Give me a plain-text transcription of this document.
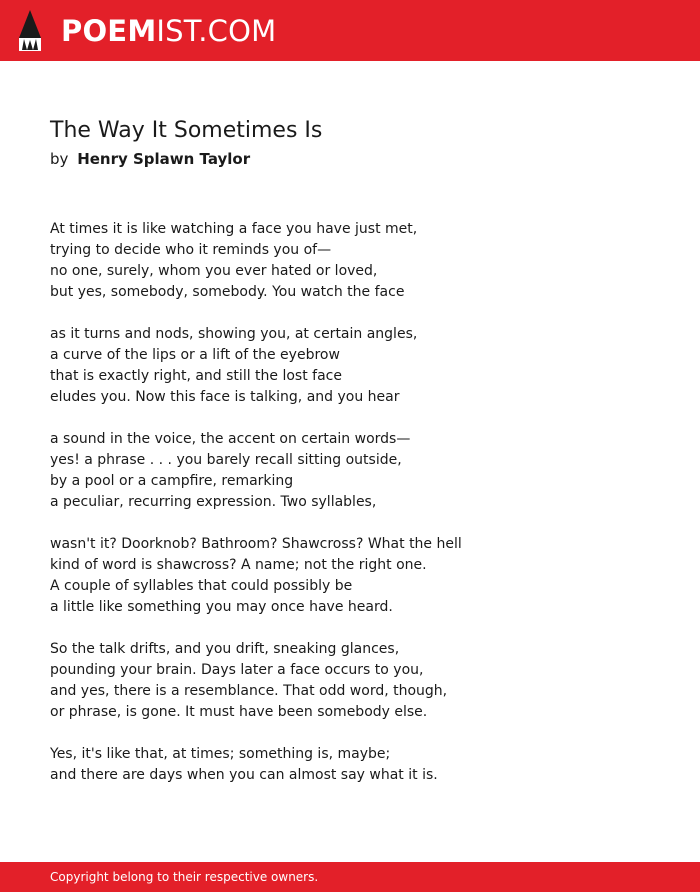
POEMIST.COM
The Way It Sometimes Is
by Henry Splawn Taylor
At times it is like watching a face you have just met,
trying to decide who it reminds you of—
no one, surely, whom you ever hated or loved,
but yes, somebody, somebody. You watch the face
as it turns and nods, showing you, at certain angles,
a curve of the lips or a lift of the eyebrow
that is exactly right, and still the lost face
eludes you. Now this face is talking, and you hear
a sound in the voice, the accent on certain words—
yes! a phrase . . . you barely recall sitting outside,
by a pool or a campfire, remarking
a peculiar, recurring expression. Two syllables,
wasn't it? Doorknob? Bathroom? Shawcross? What the hell
kind of word is shawcross? A name; not the right one.
A couple of syllables that could possibly be
a little like something you may once have heard.
So the talk drifts, and you drift, sneaking glances,
pounding your brain. Days later a face occurs to you,
and yes, there is a resemblance. That odd word, though,
or phrase, is gone. It must have been somebody else.
Yes, it's like that, at times; something is, maybe;
and there are days when you can almost say what it is.
Copyright belong to their respective owners.
